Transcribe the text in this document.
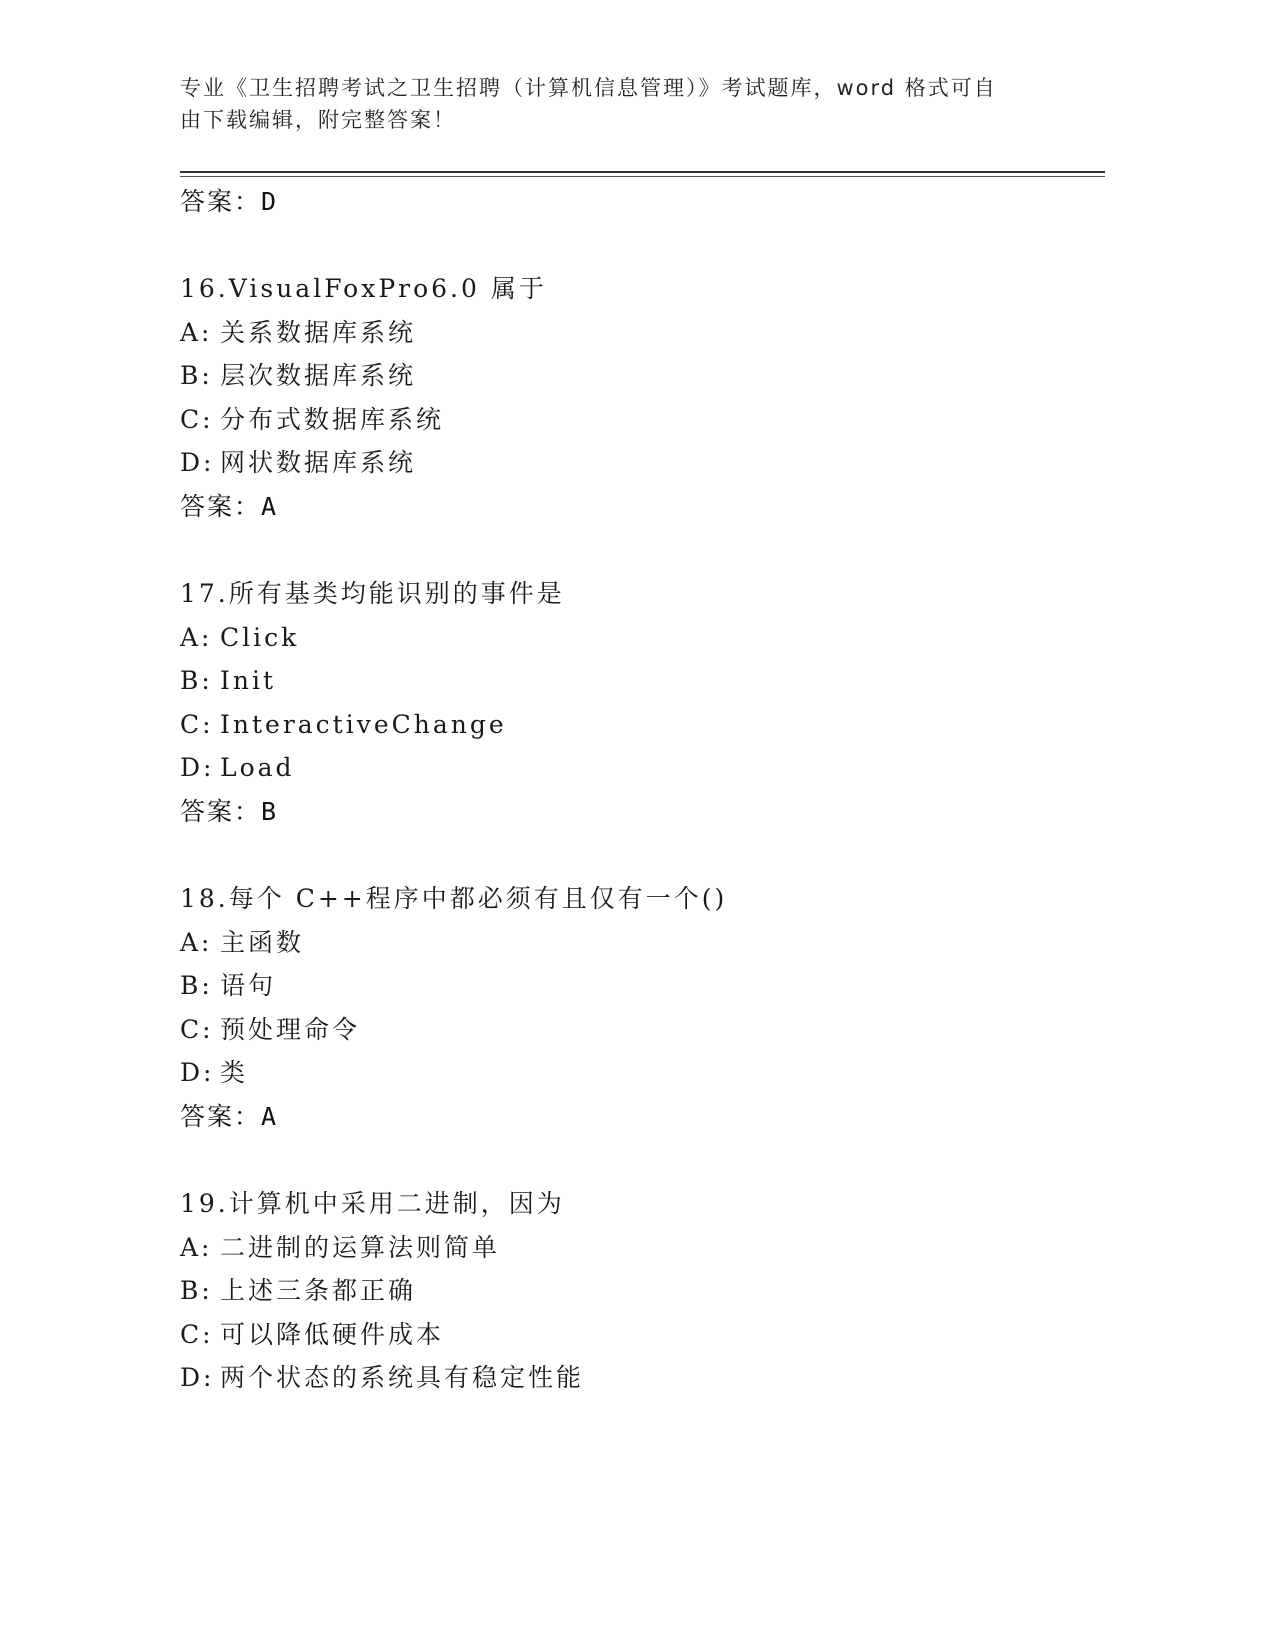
专业《卫生招聘考试之卫生招聘（计算机信息管理）》考试题库，word 格式可自
由下载编辑，附完整答案！
答案：D
16.VisualFoxPro6.0 属于
A: 关系数据库系统
B: 层次数据库系统
C: 分布式数据库系统
D: 网状数据库系统
答案：A
17.所有基类均能识别的事件是
A: Click
B: Init
C: InteractiveChange
D: Load
答案：B
18.每个 C++程序中都必须有且仅有一个()
A: 主函数
B: 语句
C: 预处理命令
D: 类
答案：A
19.计算机中采用二进制，因为
A: 二进制的运算法则简单
B: 上述三条都正确
C: 可以降低硬件成本
D: 两个状态的系统具有稳定性能
